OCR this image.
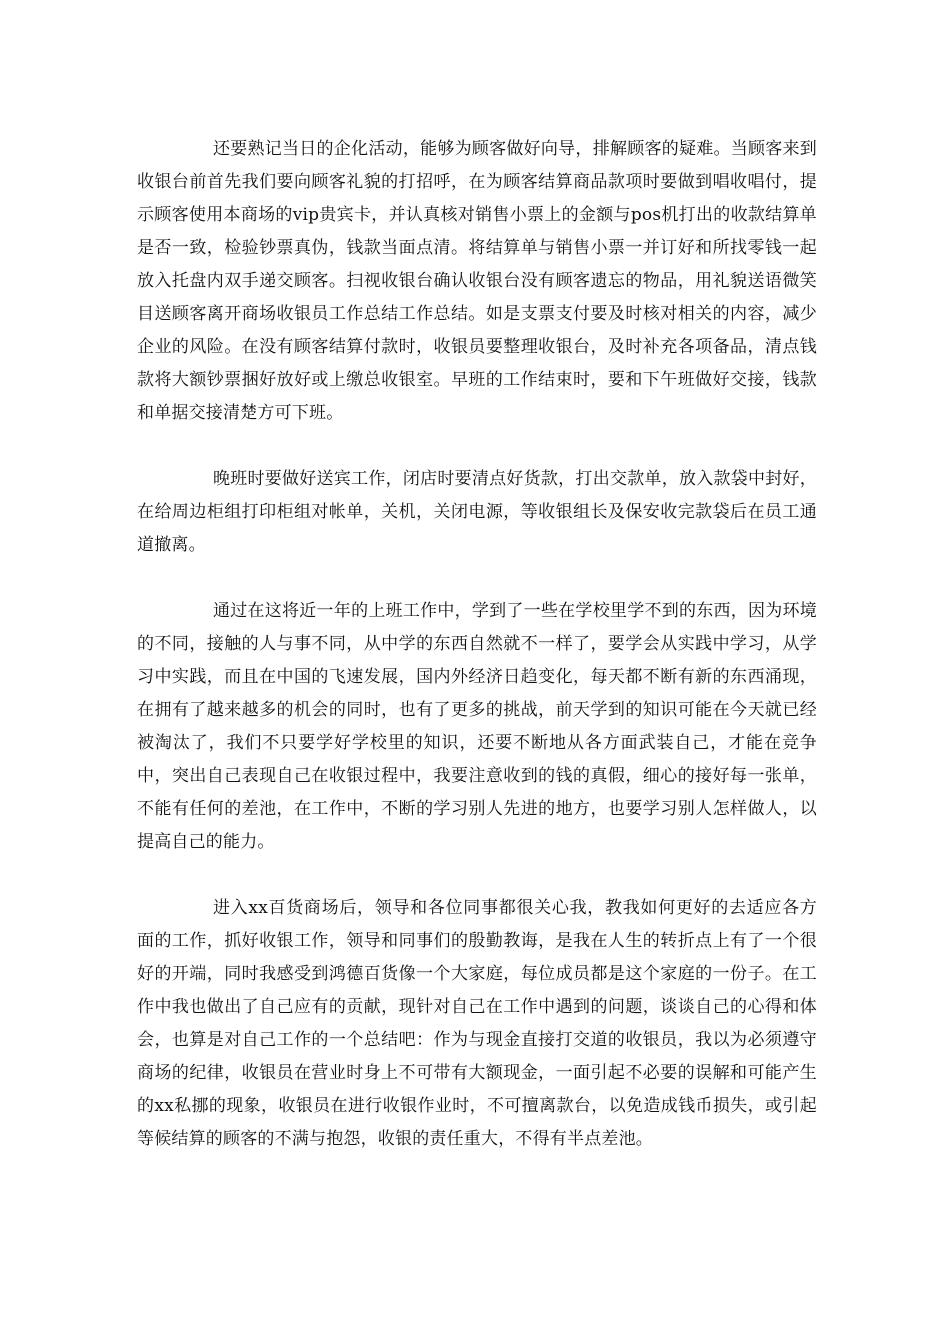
还要熟记当日的企化活动，能够为顾客做好向导，排解顾客的疑难。当顾客来到收银台前首先我们要向顾客礼貌的打招呼，在为顾客结算商品款项时要做到唱收唱付，提示顾客使用本商场的vip贵宾卡，并认真核对销售小票上的金额与pos机打出的收款结算单是否一致，检验钞票真伪，钱款当面点清。将结算单与销售小票一并订好和所找零钱一起放入托盘内双手递交顾客。扫视收银台确认收银台没有顾客遗忘的物品，用礼貌送语微笑目送顾客离开商场收银员工作总结工作总结。如是支票支付要及时核对相关的内容，减少企业的风险。在没有顾客结算付款时，收银员要整理收银台，及时补充各项备品，清点钱款将大额钞票捆好放好或上缴总收银室。早班的工作结束时，要和下午班做好交接，钱款和单据交接清楚方可下班。

晚班时要做好送宾工作，闭店时要清点好货款，打出交款单，放入款袋中封好，在给周边柜组打印柜组对帐单，关机，关闭电源，等收银组长及保安收完款袋后在员工通道撤离。

通过在这将近一年的上班工作中，学到了一些在学校里学不到的东西，因为环境的不同，接触的人与事不同，从中学的东西自然就不一样了，要学会从实践中学习，从学习中实践，而且在中国的飞速发展，国内外经济日趋变化，每天都不断有新的东西涌现，在拥有了越来越多的机会的同时，也有了更多的挑战，前天学到的知识可能在今天就已经被淘汰了，我们不只要学好学校里的知识，还要不断地从各方面武装自己，才能在竞争中，突出自己表现自己在收银过程中，我要注意收到的钱的真假，细心的接好每一张单，不能有任何的差池，在工作中，不断的学习别人先进的地方，也要学习别人怎样做人，以提高自己的能力。

进入xx百货商场后，领导和各位同事都很关心我，教我如何更好的去适应各方面的工作，抓好收银工作，领导和同事们的殷勤教诲，是我在人生的转折点上有了一个很好的开端，同时我感受到鸿德百货像一个大家庭，每位成员都是这个家庭的一份子。在工作中我也做出了自己应有的贡献，现针对自己在工作中遇到的问题，谈谈自己的心得和体会，也算是对自己工作的一个总结吧：作为与现金直接打交道的收银员，我以为必须遵守商场的纪律，收银员在营业时身上不可带有大额现金，一面引起不必要的误解和可能产生的xx私挪的现象，收银员在进行收银作业时，不可擅离款台，以免造成钱币损失，或引起等候结算的顾客的不满与抱怨，收银的责任重大，不得有半点差池。
